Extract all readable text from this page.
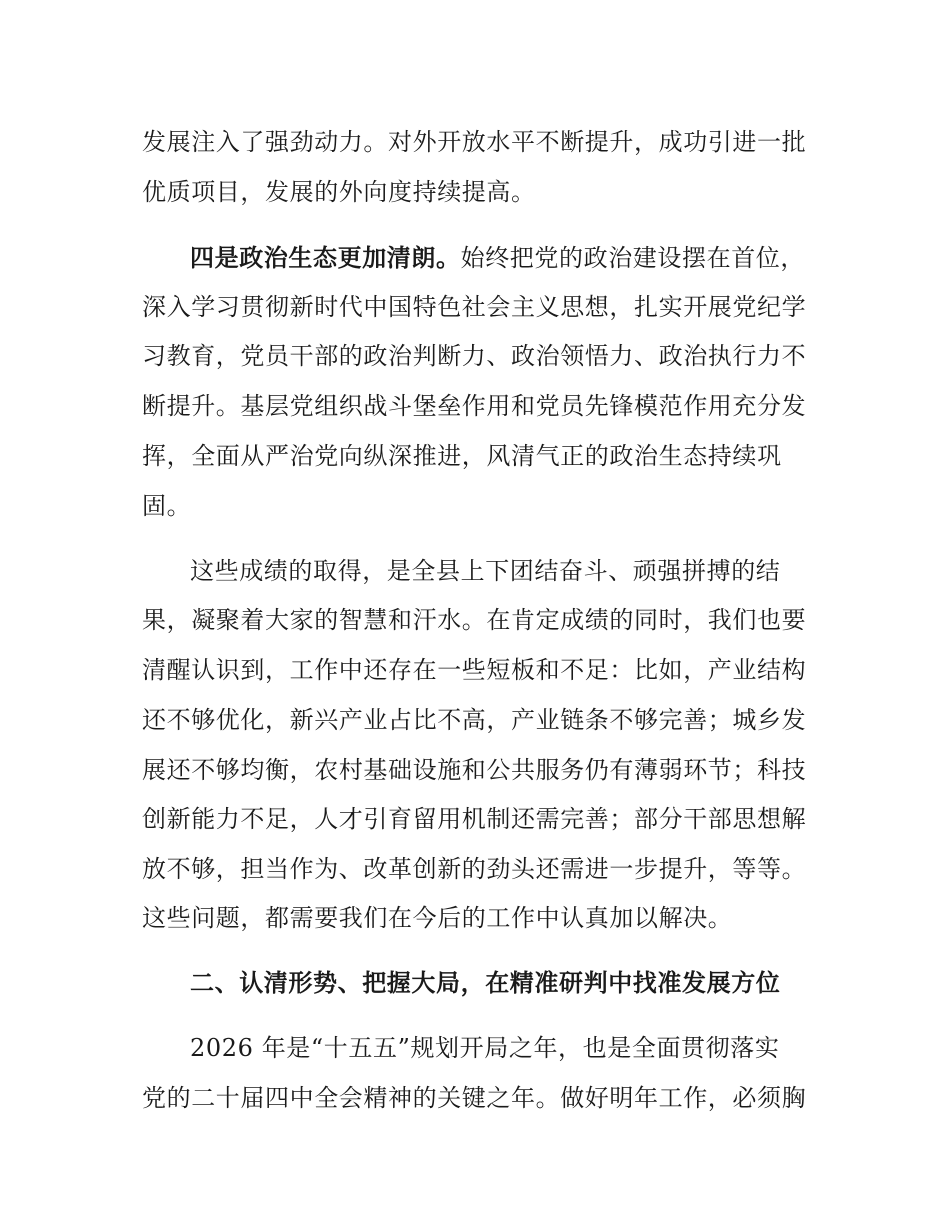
发展注入了强劲动力。对外开放水平不断提升，成功引进一批
优质项目，发展的外向度持续提高。
四是政治生态更加清朗。始终把党的政治建设摆在首位，
深入学习贯彻新时代中国特色社会主义思想，扎实开展党纪学
习教育，党员干部的政治判断力、政治领悟力、政治执行力不
断提升。基层党组织战斗堡垒作用和党员先锋模范作用充分发
挥，全面从严治党向纵深推进，风清气正的政治生态持续巩
固。
这些成绩的取得，是全县上下团结奋斗、顽强拼搏的结
果，凝聚着大家的智慧和汗水。在肯定成绩的同时，我们也要
清醒认识到，工作中还存在一些短板和不足：比如，产业结构
还不够优化，新兴产业占比不高，产业链条不够完善；城乡发
展还不够均衡，农村基础设施和公共服务仍有薄弱环节；科技
创新能力不足，人才引育留用机制还需完善；部分干部思想解
放不够，担当作为、改革创新的劲头还需进一步提升，等等。
这些问题，都需要我们在今后的工作中认真加以解决。
二、认清形势、把握大局，在精准研判中找准发展方位
2026 年是“十五五”规划开局之年，也是全面贯彻落实
党的二十届四中全会精神的关键之年。做好明年工作，必须胸
